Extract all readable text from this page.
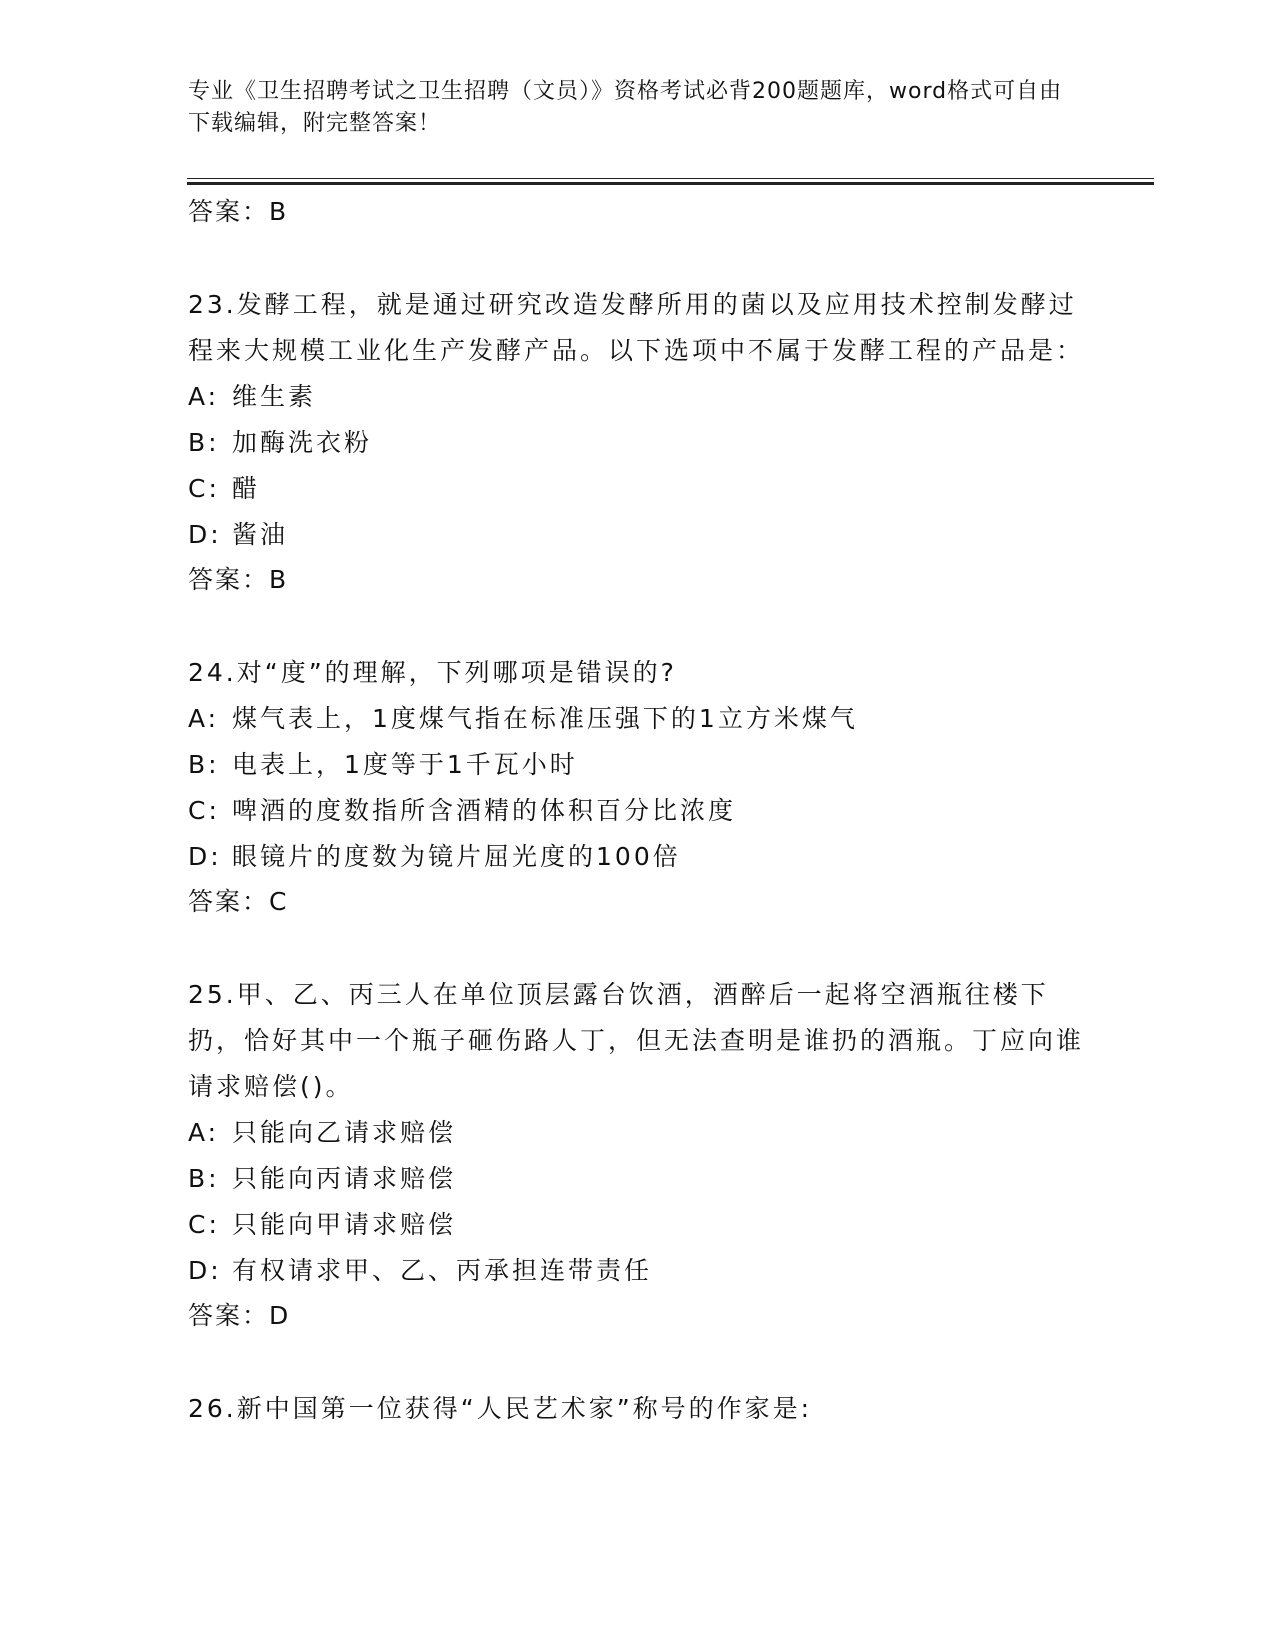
专业《卫生招聘考试之卫生招聘（文员）》资格考试必背200题题库，word格式可自由下载编辑，附完整答案！
答案：B
23.发酵工程，就是通过研究改造发酵所用的菌以及应用技术控制发酵过程来大规模工业化生产发酵产品。以下选项中不属于发酵工程的产品是：
A: 维生素
B: 加酶洗衣粉
C: 醋
D: 酱油
答案：B
24.对“度”的理解，下列哪项是错误的?
A: 煤气表上，1度煤气指在标准压强下的1立方米煤气
B: 电表上，1度等于1千瓦小时
C: 啤酒的度数指所含酒精的体积百分比浓度
D: 眼镜片的度数为镜片屈光度的100倍
答案：C
25.甲、乙、丙三人在单位顶层露台饮酒，酒醉后一起将空酒瓶往楼下扔，恰好其中一个瓶子砸伤路人丁，但无法查明是谁扔的酒瓶。丁应向谁请求赔偿()。
A: 只能向乙请求赔偿
B: 只能向丙请求赔偿
C: 只能向甲请求赔偿
D: 有权请求甲、乙、丙承担连带责任
答案：D
26.新中国第一位获得“人民艺术家”称号的作家是:
